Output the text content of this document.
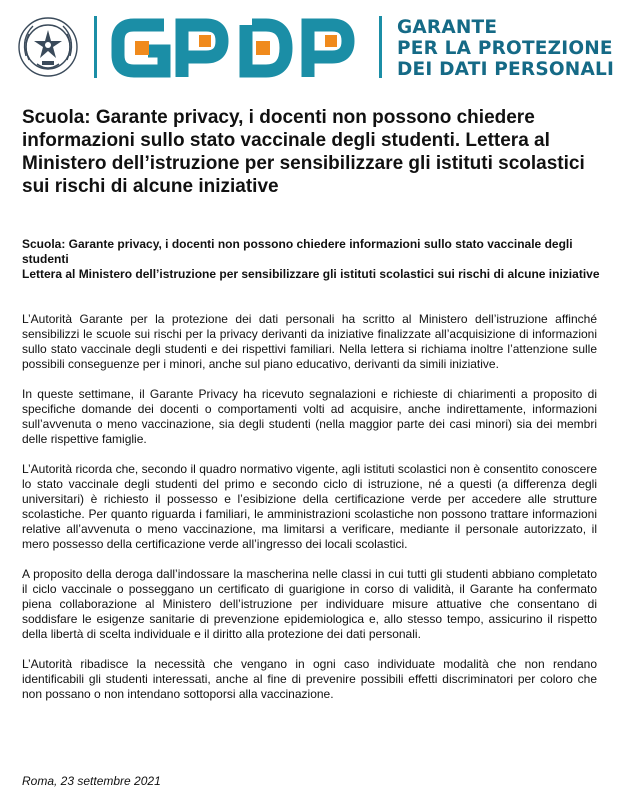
GARANTE
PER LA PROTEZIONE
DEI DATI PERSONALI
Scuola: Garante privacy, i docenti non possono chiedere informazioni sullo stato vaccinale degli studenti. Lettera al Ministero dell’istruzione per sensibilizzare gli istituti scolastici sui rischi di alcune iniziative
Scuola: Garante privacy, i docenti non possono chiedere informazioni sullo stato vaccinale degli studenti
Lettera al Ministero dell’istruzione per sensibilizzare gli istituti scolastici sui rischi di alcune iniziative

L’Autorità Garante per la protezione dei dati personali ha scritto al Ministero dell’istruzione affinché sensibilizzi le scuole sui rischi per la privacy derivanti da iniziative finalizzate all’acquisizione di informazioni sullo stato vaccinale degli studenti e dei rispettivi familiari. Nella lettera si richiama inoltre l’attenzione sulle possibili conseguenze per i minori, anche sul piano educativo, derivanti da simili iniziative.

In queste settimane, il Garante Privacy ha ricevuto segnalazioni e richieste di chiarimenti a proposito di specifiche domande dei docenti o comportamenti volti ad acquisire, anche indirettamente, informazioni sull’avvenuta o meno vaccinazione, sia degli studenti (nella maggior parte dei casi minori) sia dei membri delle rispettive famiglie.

L’Autorità ricorda che, secondo il quadro normativo vigente, agli istituti scolastici non è consentito conoscere lo stato vaccinale degli studenti del primo e secondo ciclo di istruzione, né a questi (a differenza degli universitari) è richiesto il possesso e l’esibizione della certificazione verde per accedere alle strutture scolastiche. Per quanto riguarda i familiari, le amministrazioni scolastiche non possono trattare informazioni relative all’avvenuta o meno vaccinazione, ma limitarsi a verificare, mediante il personale autorizzato, il mero possesso della certificazione verde all’ingresso dei locali scolastici.

A proposito della deroga dall’indossare la mascherina nelle classi in cui tutti gli studenti abbiano completato il ciclo vaccinale o posseggano un certificato di guarigione in corso di validità, il Garante ha confermato piena collaborazione al Ministero dell’istruzione per individuare misure attuative che consentano di soddisfare le esigenze sanitarie di prevenzione epidemiologica e, allo stesso tempo, assicurino il rispetto della libertà di scelta individuale e il diritto alla protezione dei dati personali.

L’Autorità ribadisce la necessità che vengano in ogni caso individuate modalità che non rendano identificabili gli studenti interessati, anche al fine di prevenire possibili effetti discriminatori per coloro che non possano o non intendano sottoporsi alla vaccinazione.

Roma, 23 settembre 2021
